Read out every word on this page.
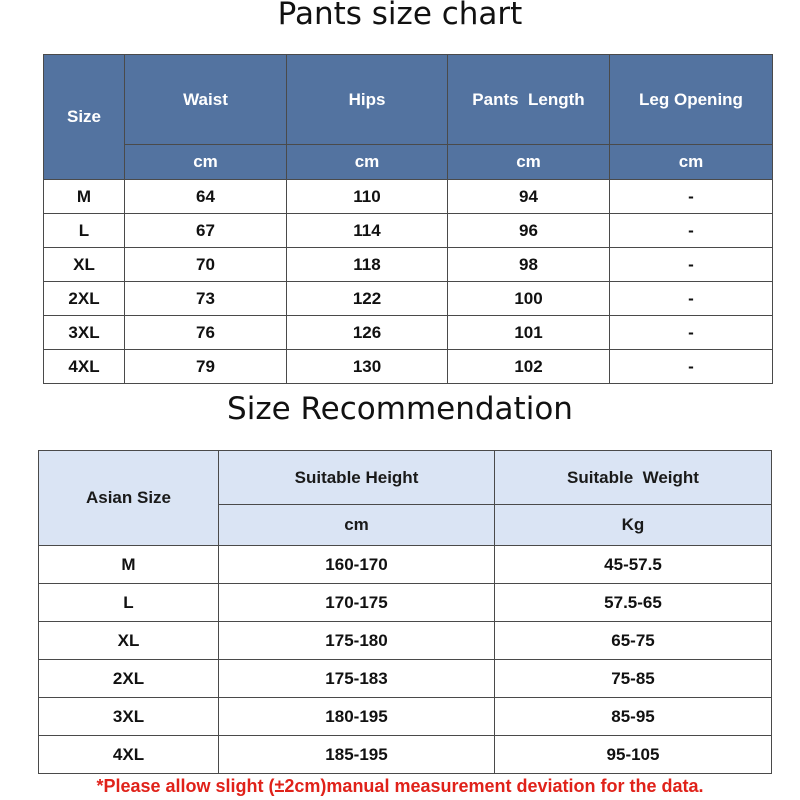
Pants size chart
Size	Waist	Hips	Pants  Length	Leg Opening
	cm	cm	cm	cm
M	64	110	94	-
L	67	114	96	-
XL	70	118	98	-
2XL	73	122	100	-
3XL	76	126	101	-
4XL	79	130	102	-
Size Recommendation
Asian Size	Suitable Height	Suitable  Weight
	cm	Kg
M	160-170	45-57.5
L	170-175	57.5-65
XL	175-180	65-75
2XL	175-183	75-85
3XL	180-195	85-95
4XL	185-195	95-105
*Please allow slight (±2cm)manual measurement deviation for the data.
